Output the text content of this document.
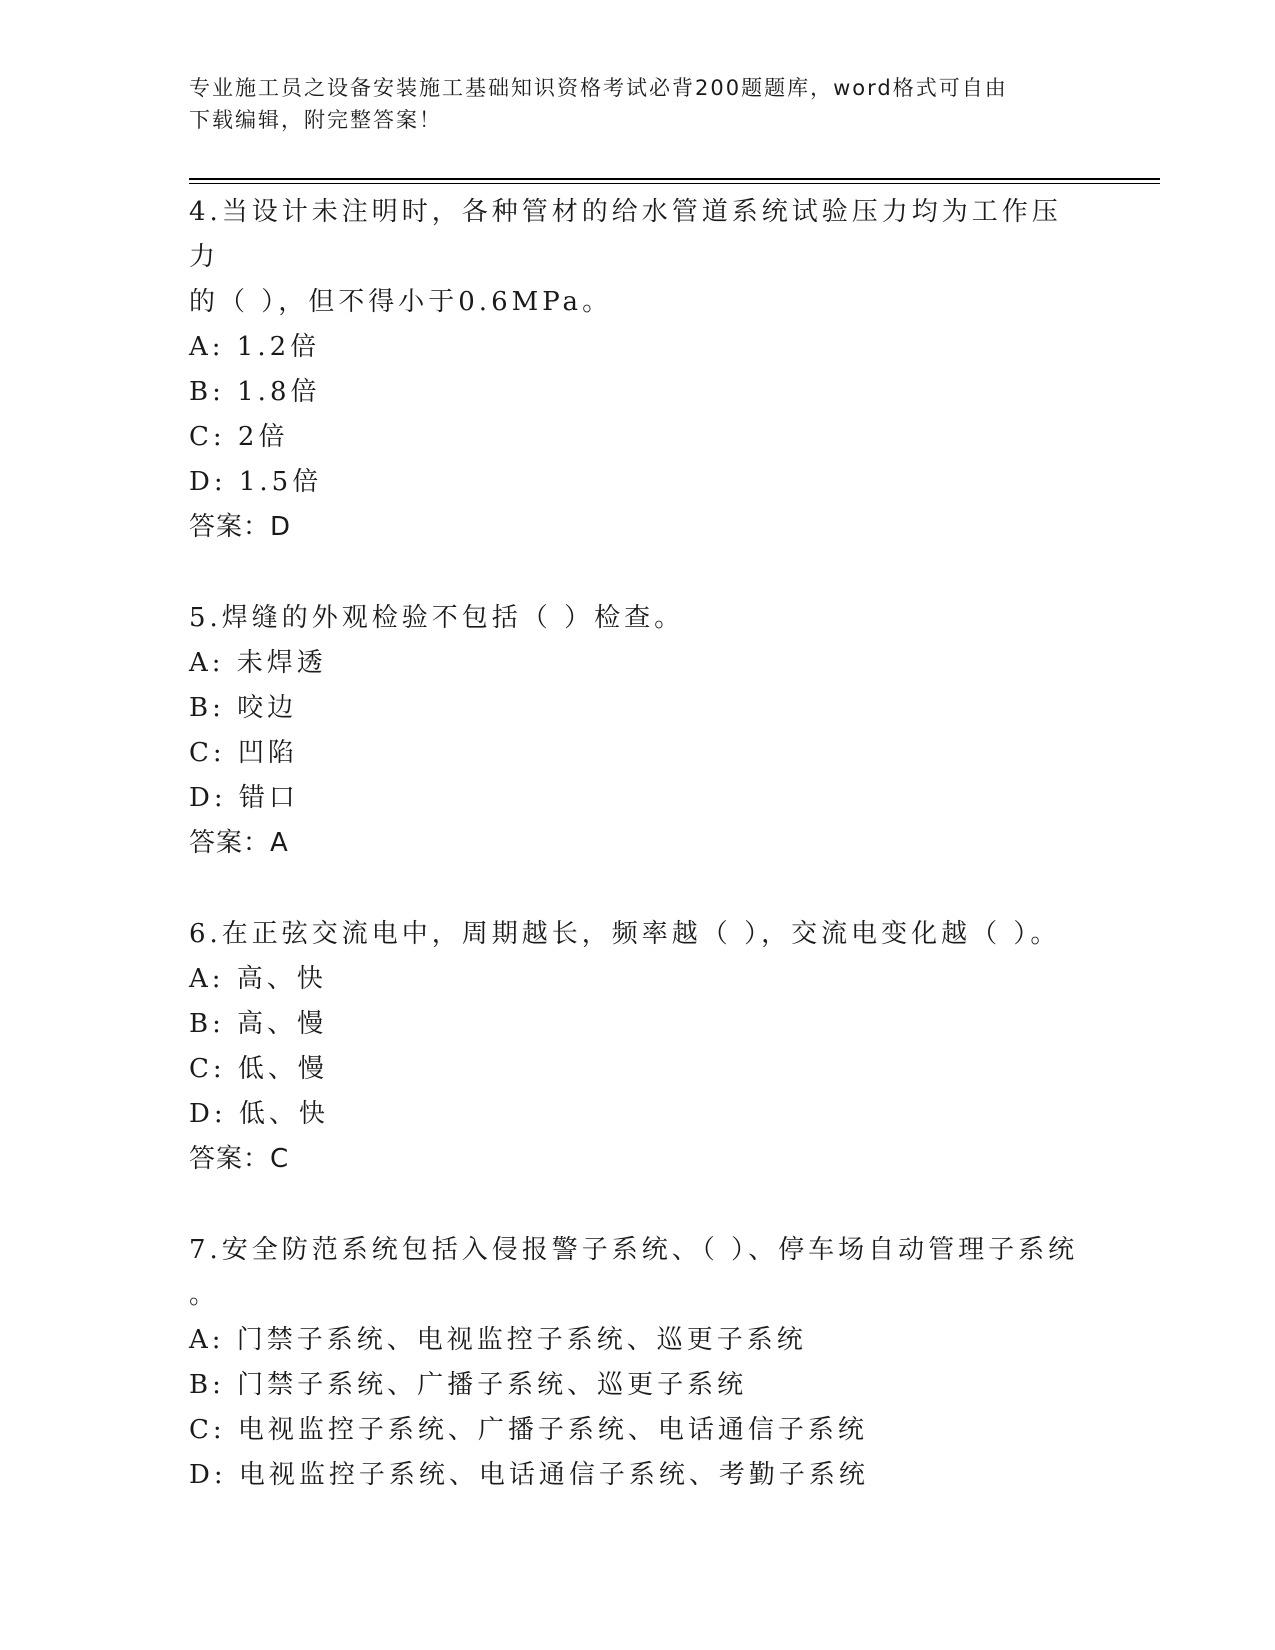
专业施工员之设备安装施工基础知识资格考试必背200题题库，word格式可自由
下载编辑，附完整答案！

4.当设计未注明时，各种管材的给水管道系统试验压力均为工作压力

的（ ），但不得小于0.6MPa。

A: 1.2倍

B: 1.8倍

C: 2倍

D: 1.5倍

答案：D

5.焊缝的外观检验不包括（ ）检查。

A: 未焊透

B: 咬边

C: 凹陷

D: 错口

答案：A

6.在正弦交流电中，周期越长，频率越（ ），交流电变化越（ ）。

A: 高、快

B: 高、慢

C: 低、慢

D: 低、快

答案：C

7.安全防范系统包括入侵报警子系统、（ ）、停车场自动管理子系统

。

A: 门禁子系统、电视监控子系统、巡更子系统

B: 门禁子系统、广播子系统、巡更子系统

C: 电视监控子系统、广播子系统、电话通信子系统

D: 电视监控子系统、电话通信子系统、考勤子系统
